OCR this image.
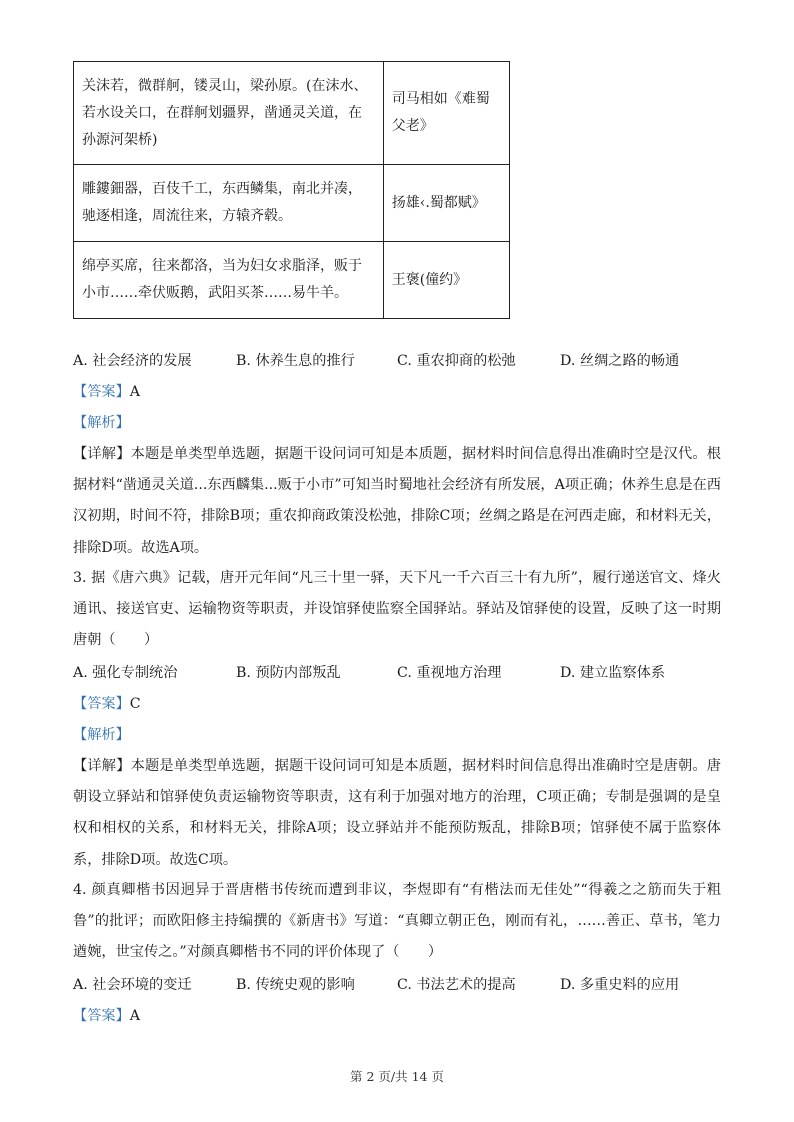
关沫若，微群舸，镂灵山，梁孙原。(在沫水、若水设关口，在群舸划疆界，凿通灵关道，在孙源河架桥)	司马相如《难蜀父老》
雕鏤鈿器，百伎千工，东西鳞集，南北并凑，驰逐相逢，周流往来，方辕齐毂。	扬雄‹.蜀都赋》
绵亭买席，往来都洛，当为妇女求脂泽，贩于小市……牵伏贩鹅，武阳买茶……易牛羊。	王褒(僮约》
A. 社会经济的发展	B. 休养生息的推行	C. 重农抑商的松弛	D. 丝绸之路的畅通
【答案】A
【解析】
【详解】本题是单类型单选题，据题干设问词可知是本质题，据材料时间信息得出准确时空是汉代。根据材料“凿通灵关道...东西麟集...贩于小市”可知当时蜀地社会经济有所发展，A项正确；休养生息是在西汉初期，时间不符，排除B项；重农抑商政策没松弛，排除C项；丝绸之路是在河西走廊，和材料无关，排除D项。故选A项。
3. 据《唐六典》记载，唐开元年间“凡三十里一驿，天下凡一千六百三十有九所”，履行递送官文、烽火通讯、接送官吏、运输物资等职责，并设馆驿使监察全国驿站。驿站及馆驿使的设置，反映了这一时期唐朝（　　）
A. 强化专制统治	B. 预防内部叛乱	C. 重视地方治理	D. 建立监察体系
【答案】C
【解析】
【详解】本题是单类型单选题，据题干设问词可知是本质题，据材料时间信息得出准确时空是唐朝。唐朝设立驿站和馆驿使负责运输物资等职责，这有利于加强对地方的治理，C项正确；专制是强调的是皇权和相权的关系，和材料无关，排除A项；设立驿站并不能预防叛乱，排除B项；馆驿使不属于监察体系，排除D项。故选C项。
4. 颜真卿楷书因迥异于晋唐楷书传统而遭到非议，李煜即有“有楷法而无佳处”“得羲之之筋而失于粗鲁”的批评；而欧阳修主持编撰的《新唐书》写道：“真卿立朝正色，刚而有礼，……善正、草书，笔力遒婉，世宝传之。”对颜真卿楷书不同的评价体现了（　　）
A. 社会环境的变迁	B. 传统史观的影响	C. 书法艺术的提高	D. 多重史料的应用
【答案】A
第 2 页/共 14 页
